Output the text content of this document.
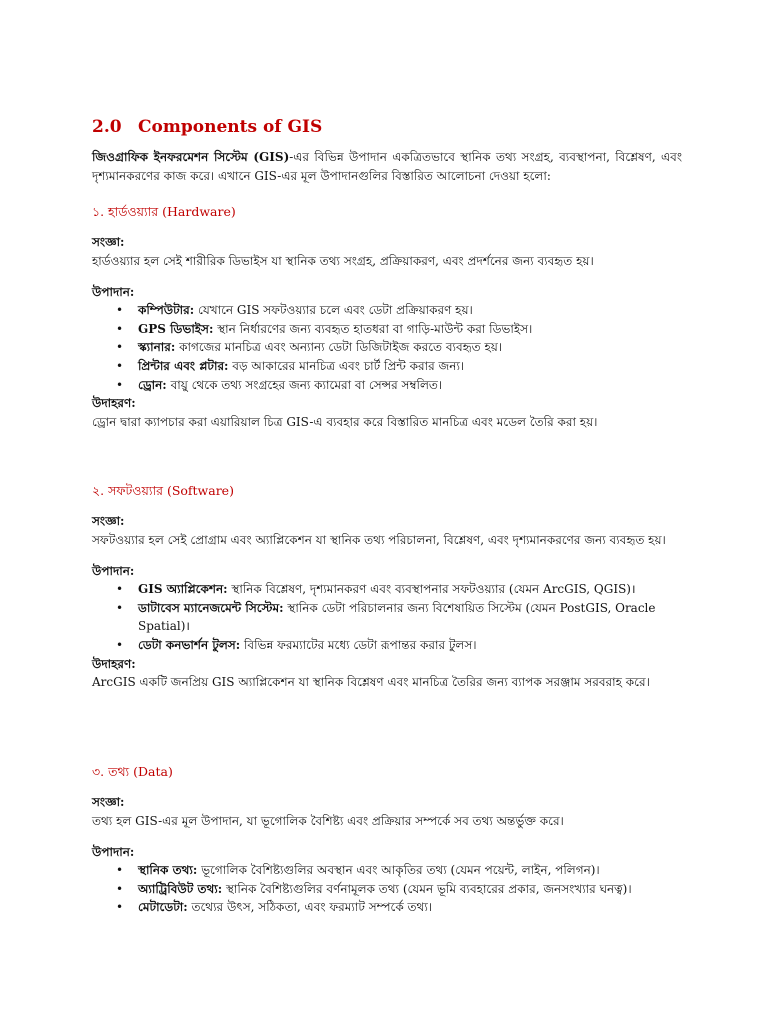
2.0 Components of GIS

জিওগ্রাফিক ইনফরমেশন সিস্টেম (GIS)-এর বিভিন্ন উপাদান একত্রিতভাবে স্থানিক তথ্য সংগ্রহ, ব্যবস্থাপনা, বিশ্লেষণ, এবং দৃশ্যমানকরণের কাজ করে। এখানে GIS-এর মূল উপাদানগুলির বিস্তারিত আলোচনা দেওয়া হলো:

১. হার্ডওয়্যার (Hardware)

সংজ্ঞা:

হার্ডওয়্যার হল সেই শারীরিক ডিভাইস যা স্থানিক তথ্য সংগ্রহ, প্রক্রিয়াকরণ, এবং প্রদর্শনের জন্য ব্যবহৃত হয়।

উপাদান:

• কম্পিউটার: যেখানে GIS সফটওয়্যার চলে এবং ডেটা প্রক্রিয়াকরণ হয়।
• GPS ডিভাইস: স্থান নির্ধারণের জন্য ব্যবহৃত হাতধরা বা গাড়ি-মাউন্ট করা ডিভাইস।
• স্ক্যানার: কাগজের মানচিত্র এবং অন্যান্য ডেটা ডিজিটাইজ করতে ব্যবহৃত হয়।
• প্রিন্টার এবং প্লটার: বড় আকারের মানচিত্র এবং চার্ট প্রিন্ট করার জন্য।
• ড্রোন: বায়ু থেকে তথ্য সংগ্রহের জন্য ক্যামেরা বা সেন্সর সম্বলিত।

উদাহরণ:

ড্রোন দ্বারা ক্যাপচার করা এয়ারিয়াল চিত্র GIS-এ ব্যবহার করে বিস্তারিত মানচিত্র এবং মডেল তৈরি করা হয়।

২. সফটওয়্যার (Software)

সংজ্ঞা:

সফটওয়্যার হল সেই প্রোগ্রাম এবং অ্যাপ্লিকেশন যা স্থানিক তথ্য পরিচালনা, বিশ্লেষণ, এবং দৃশ্যমানকরণের জন্য ব্যবহৃত হয়।

উপাদান:

• GIS অ্যাপ্লিকেশন: স্থানিক বিশ্লেষণ, দৃশ্যমানকরণ এবং ব্যবস্থাপনার সফটওয়্যার (যেমন ArcGIS, QGIS)।
• ডাটাবেস ম্যানেজমেন্ট সিস্টেম: স্থানিক ডেটা পরিচালনার জন্য বিশেষায়িত সিস্টেম (যেমন PostGIS, Oracle Spatial)।
• ডেটা কনভার্শন টুলস: বিভিন্ন ফরম্যাটের মধ্যে ডেটা রূপান্তর করার টুলস।

উদাহরণ:

ArcGIS একটি জনপ্রিয় GIS অ্যাপ্লিকেশন যা স্থানিক বিশ্লেষণ এবং মানচিত্র তৈরির জন্য ব্যাপক সরঞ্জাম সরবরাহ করে।

৩. তথ্য (Data)

সংজ্ঞা:

তথ্য হল GIS-এর মূল উপাদান, যা ভূগোলিক বৈশিষ্ট্য এবং প্রক্রিয়ার সম্পর্কে সব তথ্য অন্তর্ভুক্ত করে।

উপাদান:

• স্থানিক তথ্য: ভূগোলিক বৈশিষ্ট্যগুলির অবস্থান এবং আকৃতির তথ্য (যেমন পয়েন্ট, লাইন, পলিগন)।
• অ্যাট্রিবিউট তথ্য: স্থানিক বৈশিষ্ট্যগুলির বর্ণনামূলক তথ্য (যেমন ভূমি ব্যবহারের প্রকার, জনসংখ্যার ঘনত্ব)।
• মেটাডেটা: তথ্যের উৎস, সঠিকতা, এবং ফরম্যাট সম্পর্কে তথ্য।
